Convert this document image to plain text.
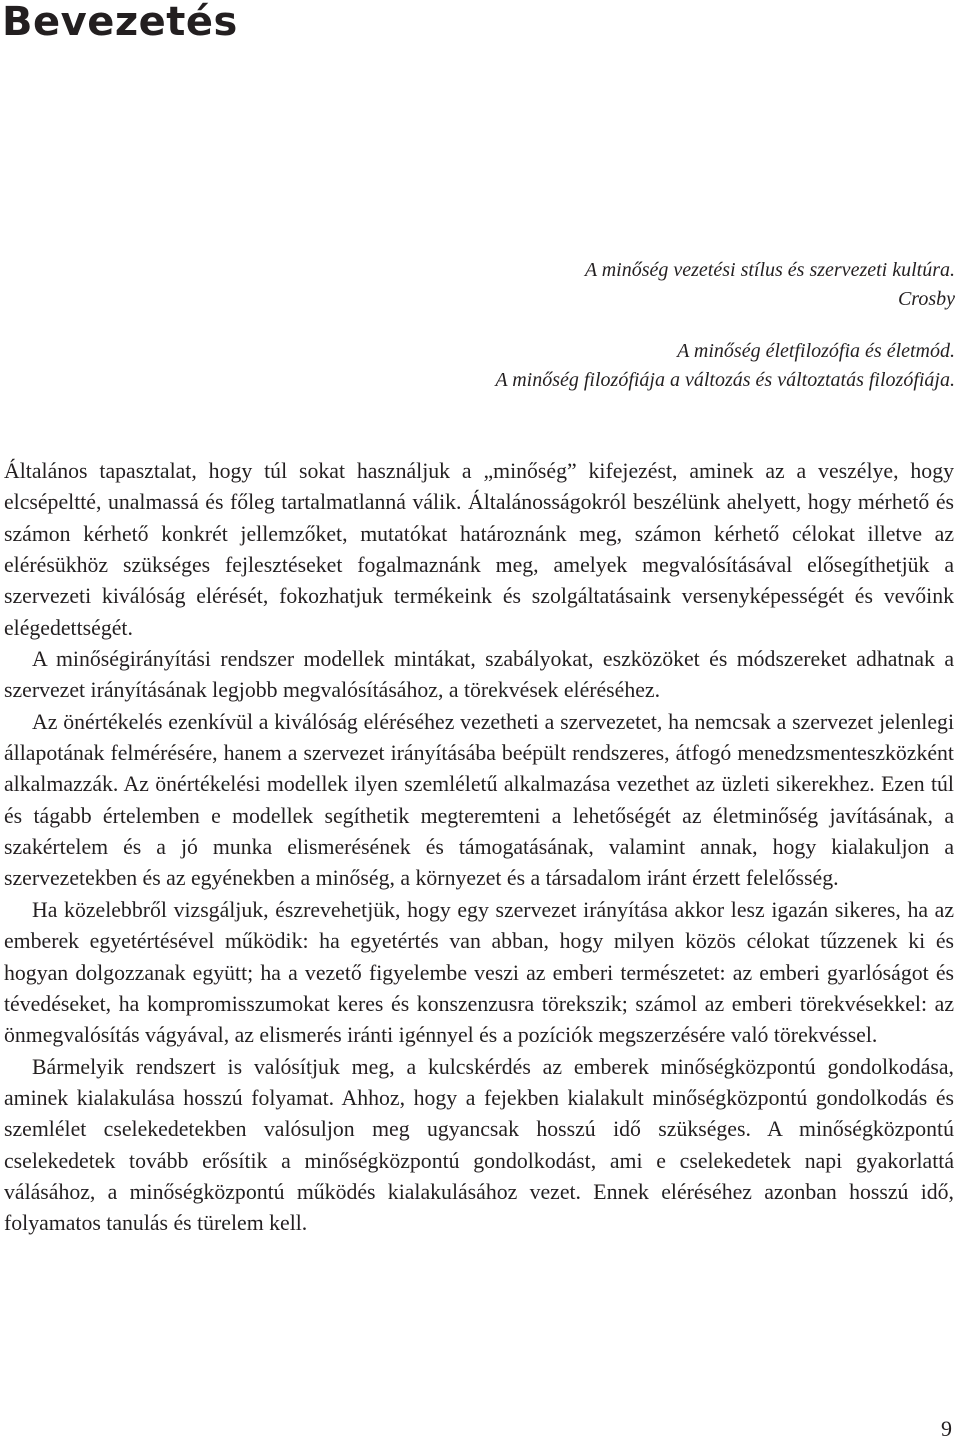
Bevezetés
A minőség vezetési stílus és szervezeti kultúra.
Crosby
A minőség életfilozófia és életmód.
A minőség filozófiája a változás és változtatás filozófiája.

Általános tapasztalat, hogy túl sokat használjuk a „minőség” kifejezést, aminek az a veszélye, hogy elcsépeltté, unalmassá és főleg tartalmatlanná válik. Általánosságokról beszélünk ahelyett, hogy mérhető és számon kérhető konkrét jellemzőket, mutatókat határoznánk meg, számon kérhető célokat illetve az elérésükhöz szükséges fejlesztéseket fogalmaznánk meg, amelyek megvalósításával elősegíthetjük a szervezeti kiválóság elérését, fokozhatjuk termékeink és szolgáltatásaink versenyképességét és vevőink elégedettségét.

A minőségirányítási rendszer modellek mintákat, szabályokat, eszközöket és módszereket adhatnak a szervezet irányításának legjobb megvalósításához, a törekvések eléréséhez.

Az önértékelés ezenkívül a kiválóság eléréséhez vezetheti a szervezetet, ha nemcsak a szervezet jelenlegi állapotának felmérésére, hanem a szervezet irányításába beépült rendszeres, átfogó menedzsmenteszközként alkalmazzák. Az önértékelési modellek ilyen szemléletű alkalmazása vezethet az üzleti sikerekhez. Ezen túl és tágabb értelemben e modellek segíthetik megteremteni a lehetőségét az életminőség javításának, a szakértelem és a jó munka elismerésének és támogatásának, valamint annak, hogy kialakuljon a szervezetekben és az egyénekben a minőség, a környezet és a társadalom iránt érzett felelősség.

Ha közelebbről vizsgáljuk, észrevehetjük, hogy egy szervezet irányítása akkor lesz igazán sikeres, ha az emberek egyetértésével működik: ha egyetértés van abban, hogy milyen közös célokat tűzzenek ki és hogyan dolgozzanak együtt; ha a vezető figyelembe veszi az emberi természetet: az emberi gyarlóságot és tévedéseket, ha kompromisszumokat keres és konszenzusra törekszik; számol az emberi törekvésekkel: az önmegvalósítás vágyával, az elismerés iránti igénnyel és a pozíciók megszerzésére való törekvéssel.

Bármelyik rendszert is valósítjuk meg, a kulcskérdés az emberek minőségközpontú gondolkodása, aminek kialakulása hosszú folyamat. Ahhoz, hogy a fejekben kialakult minőségközpontú gondolkodás és szemlélet cselekedetekben valósuljon meg ugyancsak hosszú idő szükséges. A minőségközpontú cselekedetek tovább erősítik a minőségközpontú gondolkodást, ami e cselekedetek napi gyakorlattá válásához, a minőségközpontú működés kialakulásához vezet. Ennek eléréséhez azonban hosszú idő, folyamatos tanulás és türelem kell.

9
